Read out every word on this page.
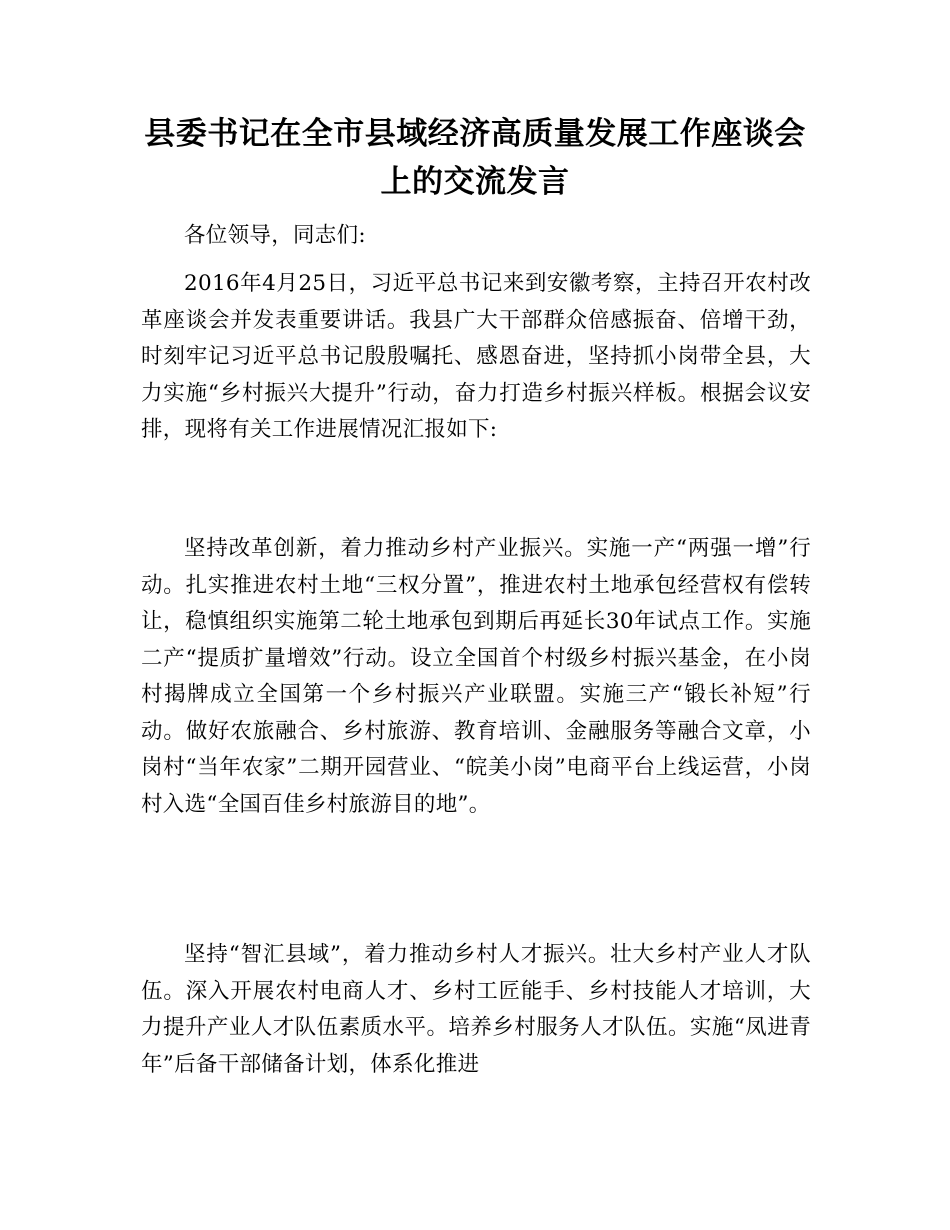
县委书记在全市县域经济高质量发展工作座谈会上的交流发言

各位领导，同志们:

2016年4月25日，习近平总书记来到安徽考察，主持召开农村改革座谈会并发表重要讲话。我县广大干部群众倍感振奋、倍增干劲，时刻牢记习近平总书记殷殷嘱托、感恩奋进，坚持抓小岗带全县，大力实施“乡村振兴大提升”行动，奋力打造乡村振兴样板。根据会议安排，现将有关工作进展情况汇报如下:

坚持改革创新，着力推动乡村产业振兴。实施一产“两强一增”行动。扎实推进农村土地“三权分置”，推进农村土地承包经营权有偿转让，稳慎组织实施第二轮土地承包到期后再延长30年试点工作。实施二产“提质扩量增效”行动。设立全国首个村级乡村振兴基金，在小岗村揭牌成立全国第一个乡村振兴产业联盟。实施三产“锻长补短”行动。做好农旅融合、乡村旅游、教育培训、金融服务等融合文章，小岗村“当年农家”二期开园营业、“皖美小岗”电商平台上线运营，小岗村入选“全国百佳乡村旅游目的地”。

坚持“智汇县域”，着力推动乡村人才振兴。壮大乡村产业人才队伍。深入开展农村电商人才、乡村工匠能手、乡村技能人才培训，大力提升产业人才队伍素质水平。培养乡村服务人才队伍。实施“凤进青年”后备干部储备计划，体系化推进
